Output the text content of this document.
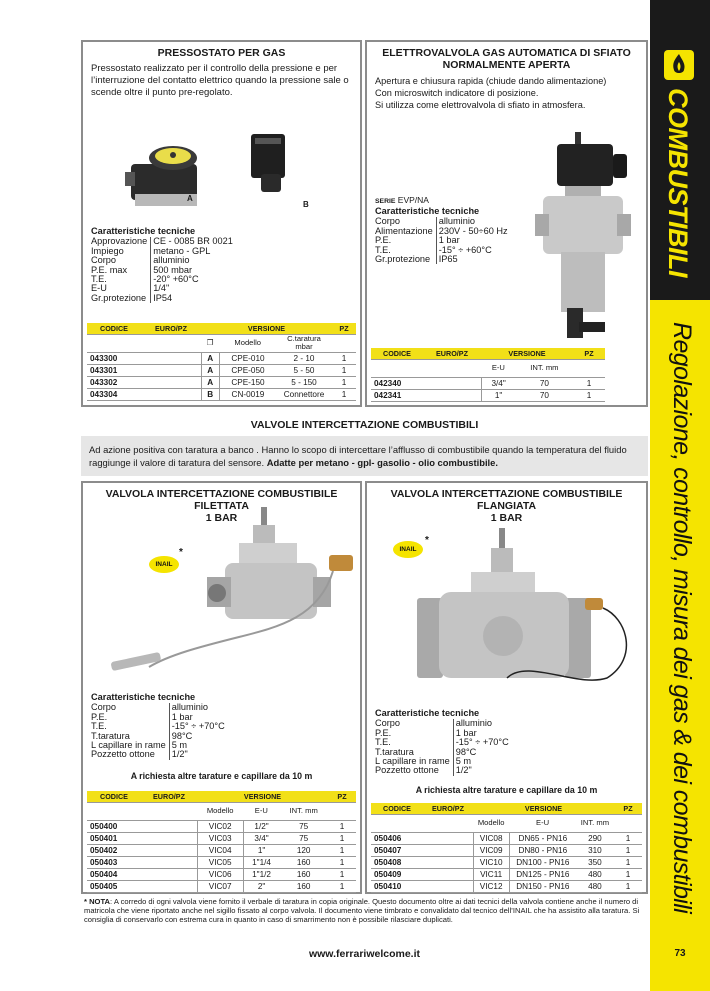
COMBUSTIBILI
Regolazione, controllo, misura dei gas & dei combustibili
73
PRESSOSTATO PER GAS
Pressostato realizzato per il controllo della pressione e per l’interruzione del contatto elettrico quando la pressione sale o scende oltre il punto pre-regolato.
A
B
Caratteristiche tecniche
Approvazione	CE - 0085 BR 0021
Impiego	metano - GPL
Corpo	alluminio
P.E. max	500 mbar
T.E.	-20° +60°C
E-U	1/4"
Gr.protezione	IP54
CODICE	EURO/PZ	VERSIONE			PZ
		❐	Modello	C.taratura mbar	
043300		A	CPE-010	2 - 10	1
043301		A	CPE-050	5 - 50	1
043302		A	CPE-150	5 - 150	1
043304		B	CN-0019	Connettore	1
ELETTROVALVOLA GAS AUTOMATICA DI SFIATO
NORMALMENTE APERTA
Apertura e chiusura rapida (chiude dando alimentazione)
Con microswitch indicatore di posizione.
Si utilizza come elettrovalvola di sfiato in atmosfera.
SERIE EVP/NA
Caratteristiche tecniche
Corpo	alluminio
Alimentazione	230V - 50÷60 Hz
P.E.	1 bar
T.E.	-15° ÷ +60°C
Gr.protezione	IP65
CODICE	EURO/PZ	VERSIONE		PZ
		E-U	INT. mm	
042340		3/4"	70	1
042341		1"	70	1
VALVOLE INTERCETTAZIONE COMBUSTIBILI
Ad azione positiva con taratura a banco . Hanno lo scopo di intercettare l’afflusso di combustibile quando la temperatura del fluido raggiunge il valore di taratura del sensore. Adatte per metano - gpl- gasolio - olio combustibile.
VALVOLA INTERCETTAZIONE COMBUSTIBILE
FILETTATA
1 BAR
INAIL
*
Caratteristiche tecniche
Corpo	alluminio
P.E.	1 bar
T.E.	-15° ÷ +70°C
T.taratura	98°C
L capillare in rame	5 m
Pozzetto ottone	1/2"
A richiesta altre tarature e capillare da 10 m
CODICE	EURO/PZ	VERSIONE			PZ
		Modello	E-U	INT. mm	
050400		VIC02	1/2"	75	1
050401		VIC03	3/4"	75	1
050402		VIC04	1"	120	1
050403		VIC05	1"1/4	160	1
050404		VIC06	1"1/2	160	1
050405		VIC07	2"	160	1
VALVOLA INTERCETTAZIONE COMBUSTIBILE
FLANGIATA
1 BAR
INAIL
*
Caratteristiche tecniche
Corpo	alluminio
P.E.	1 bar
T.E.	-15° ÷ +70°C
T.taratura	98°C
L capillare in rame	5 m
Pozzetto ottone	1/2"
A richiesta altre tarature e capillare da 10 m
CODICE	EURO/PZ	VERSIONE			PZ
		Modello	E-U	INT. mm	
050406		VIC08	DN65 - PN16	290	1
050407		VIC09	DN80 - PN16	310	1
050408		VIC10	DN100 - PN16	350	1
050409		VIC11	DN125 - PN16	480	1
050410		VIC12	DN150 - PN16	480	1
* NOTA: A corredo di ogni valvola viene fornito il verbale di taratura in copia originale. Questo documento oltre ai dati tecnici della valvola contiene anche il numero di matricola che viene riportato anche nel sigillo fissato al corpo valvola. Il documento viene timbrato e convalidato dal tecnico dell’INAIL che ha assistito alla taratura. Si consiglia di conservarlo con estrema cura in quanto in caso di smarrimento non è possibile rilasciare duplicati.
www.ferrariwelcome.it
